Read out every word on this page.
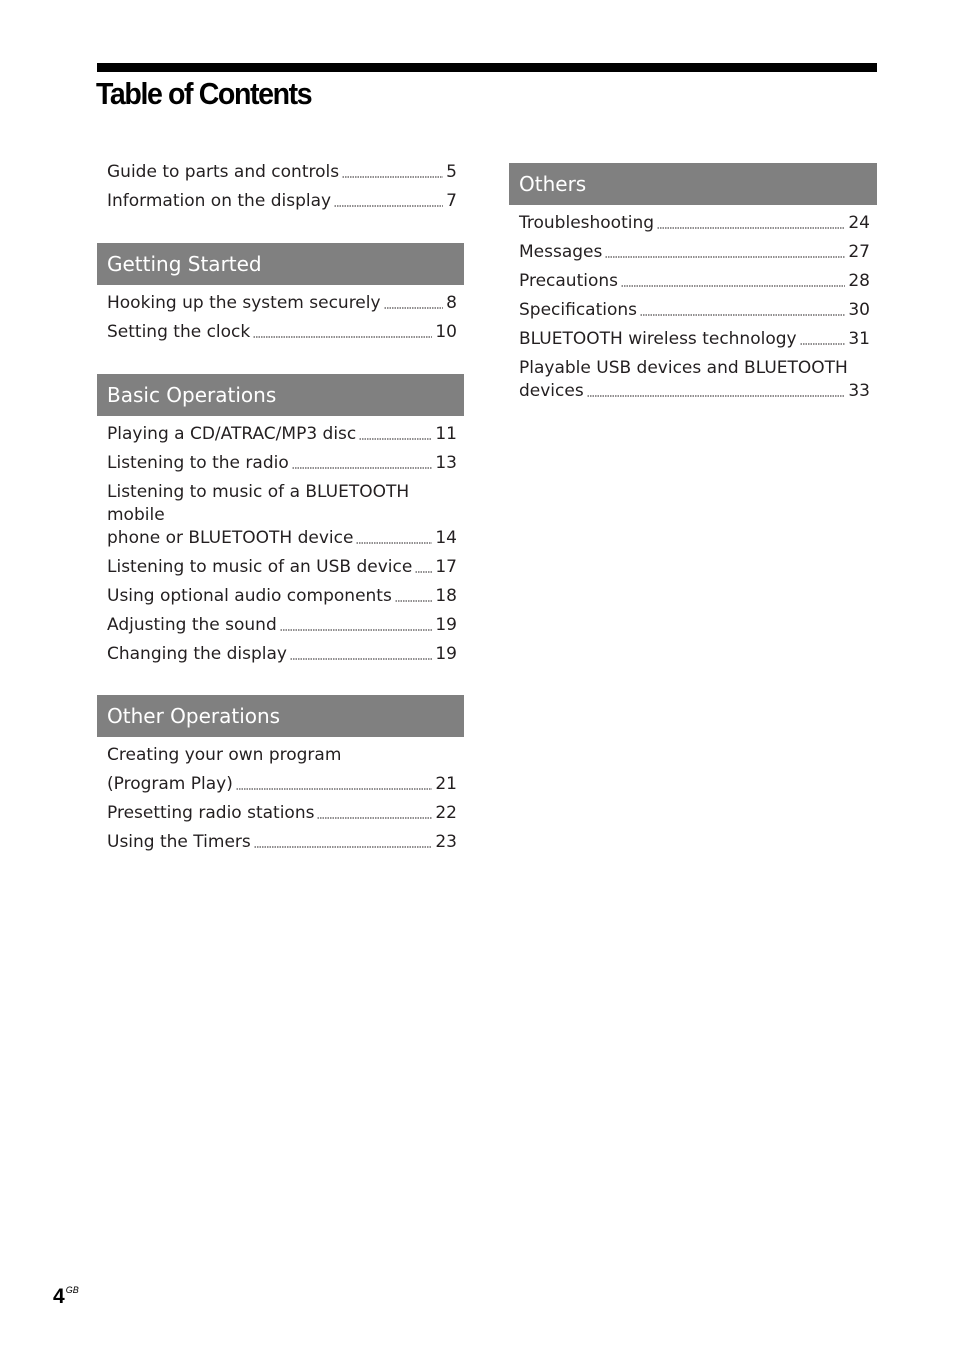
Table of Contents
Guide to parts and controls	5
Information on the display	7
Getting Started
Hooking up the system securely	8
Setting the clock	10
Basic Operations
Playing a CD/ATRAC/MP3 disc	11
Listening to the radio	13
Listening to music of a BLUETOOTH mobile
phone or BLUETOOTH device	14
Listening to music of an USB device 17
Using optional audio components	18
Adjusting the sound	19
Changing the display	19
Other Operations
Creating your own program
(Program Play)	21
Presetting radio stations	22
Using the Timers	23
Others
Troubleshooting	24
Messages	27
Precautions	28
Specifications	30
BLUETOOTH wireless technology	31
Playable USB devices and BLUETOOTH
devices	33
$4^{GB}$
